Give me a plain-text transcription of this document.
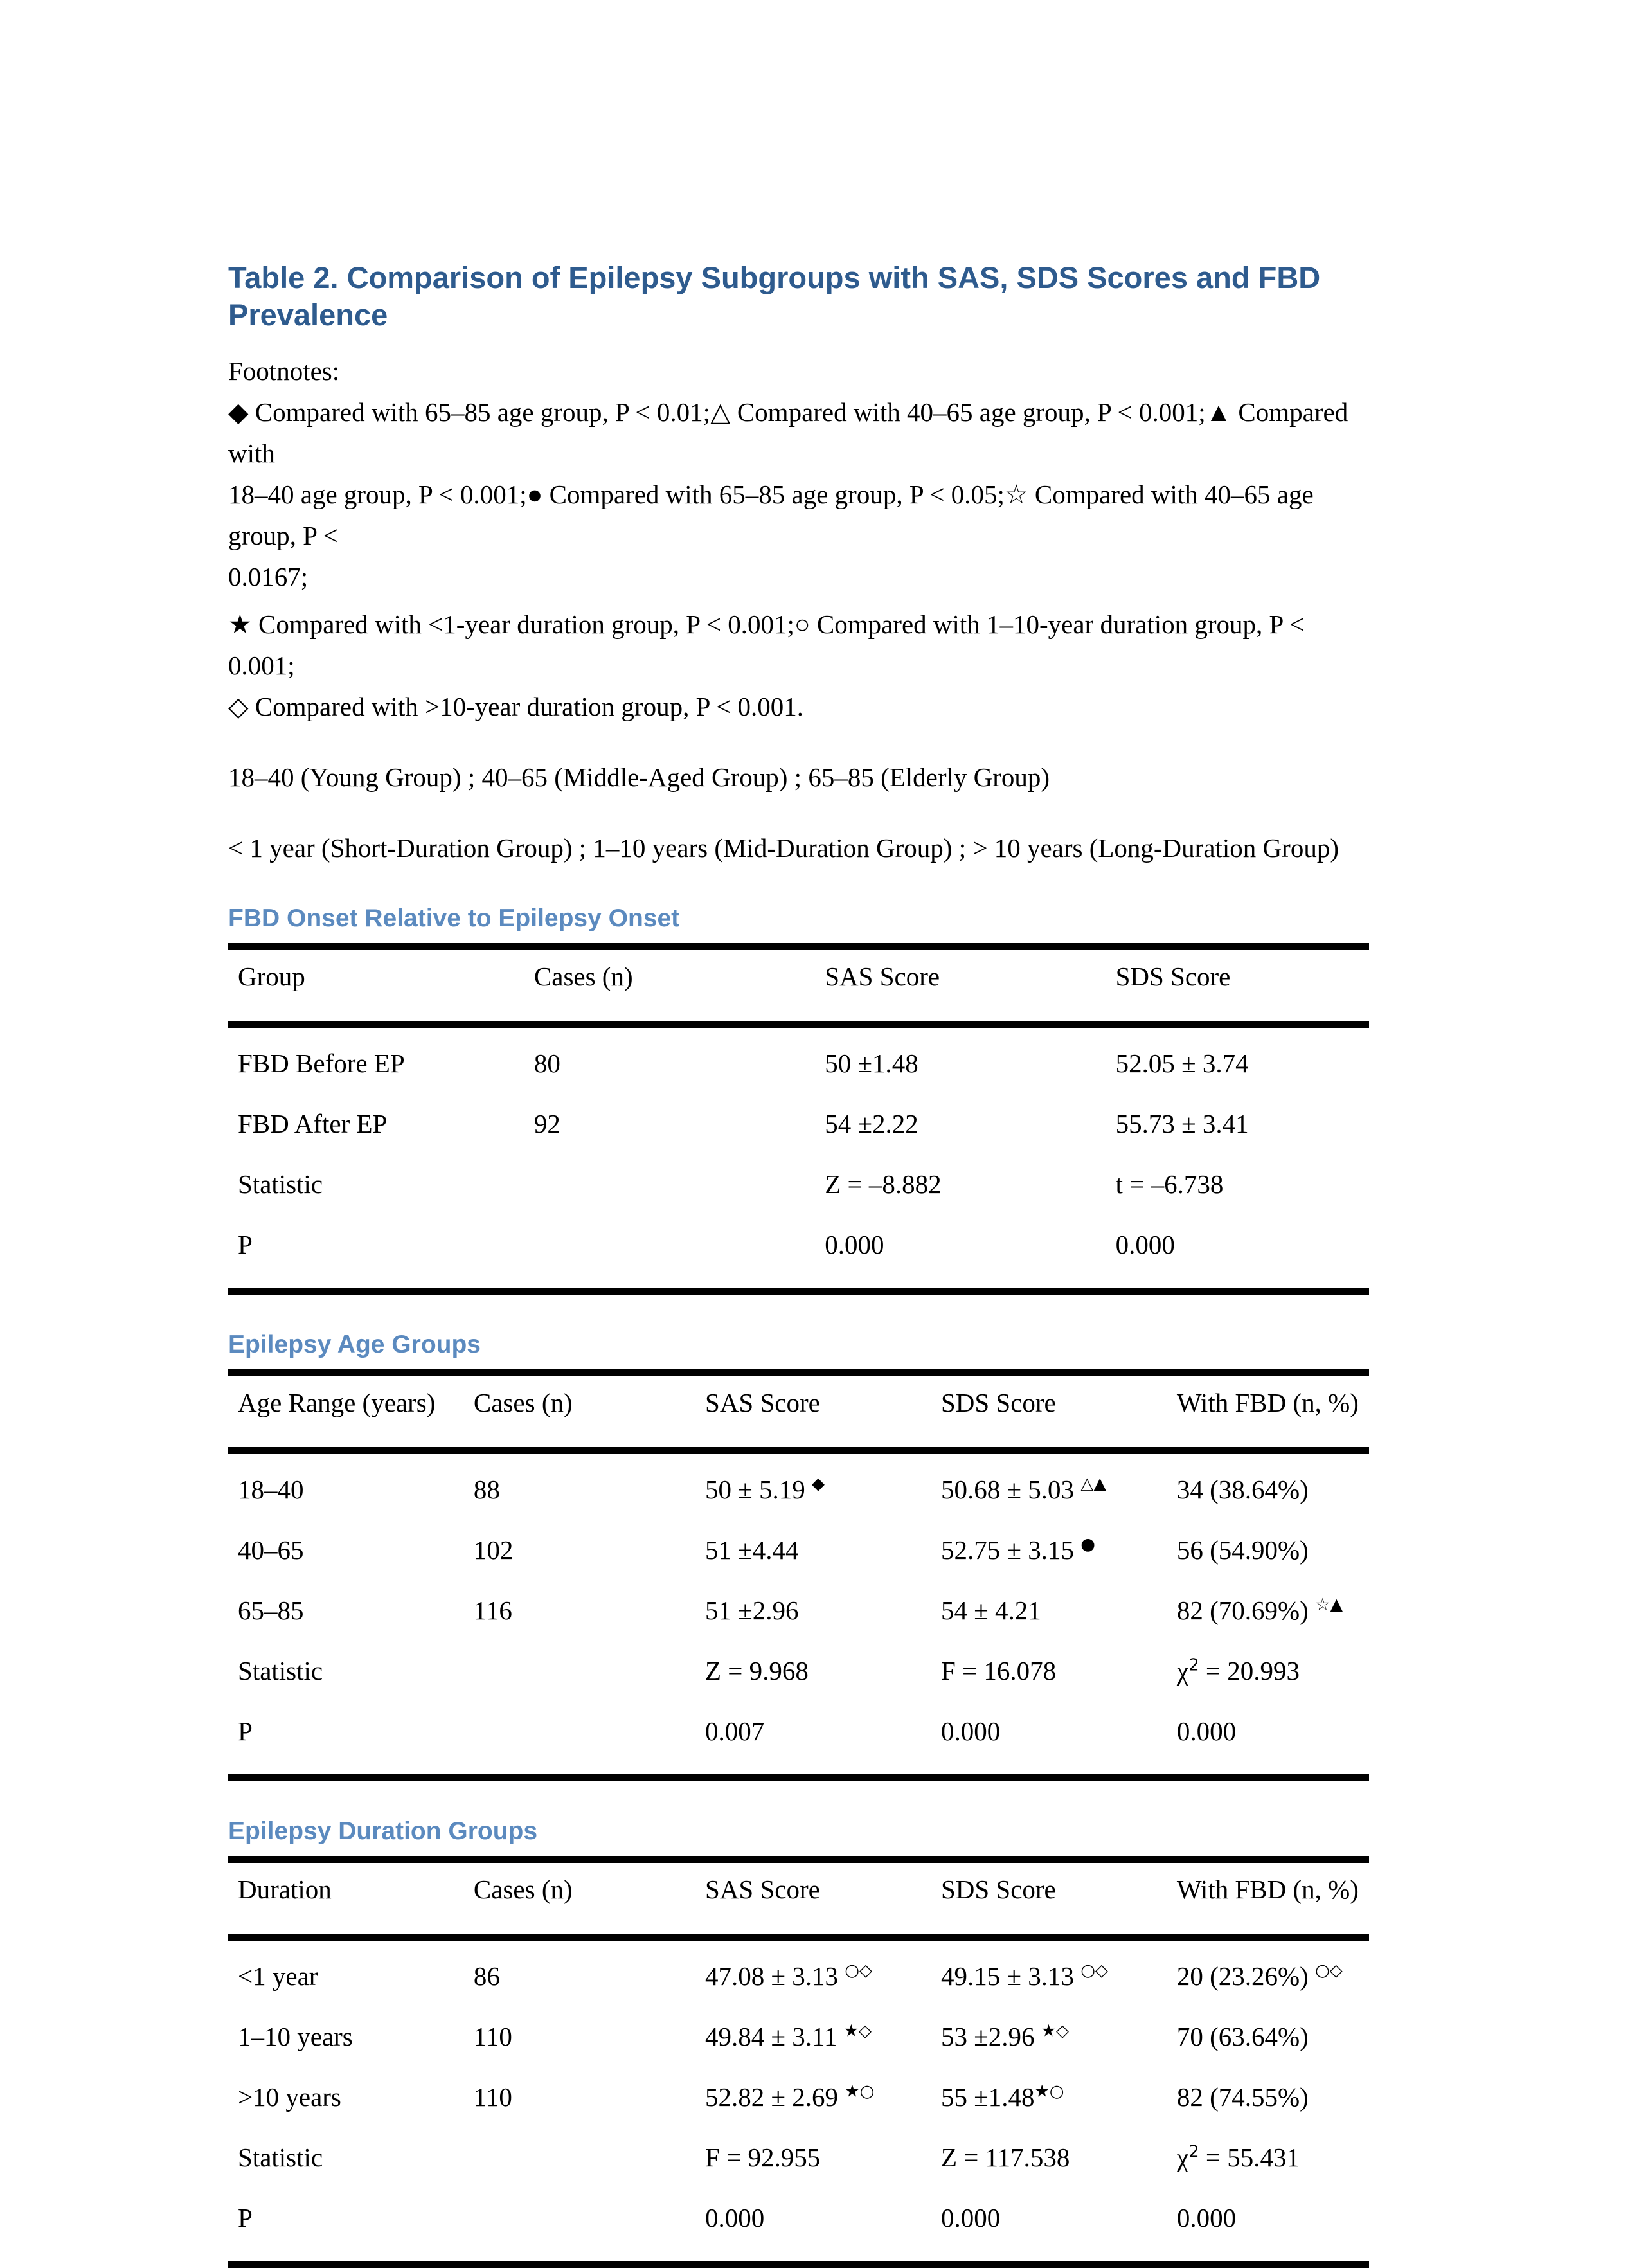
Table 2. Comparison of Epilepsy Subgroups with SAS, SDS Scores and FBD Prevalence
Footnotes:
◆ Compared with 65–85 age group, P < 0.01;△ Compared with 40–65 age group, P < 0.001;▲ Compared with
18–40 age group, P < 0.001;● Compared with 65–85 age group, P < 0.05;☆ Compared with 40–65 age group, P <
0.0167;
★ Compared with <1-year duration group, P < 0.001;○ Compared with 1–10-year duration group, P < 0.001;
◇ Compared with >10-year duration group, P < 0.001.
18–40 (Young Group) ; 40–65 (Middle-Aged Group) ; 65–85 (Elderly Group)
< 1 year (Short-Duration Group) ; 1–10 years (Mid-Duration Group) ; > 10 years (Long-Duration Group)
FBD Onset Relative to Epilepsy Onset
Group	Cases (n)	SAS Score	SDS Score
FBD Before EP	80	50 ±1.48	52.05 ± 3.74
FBD After EP	92	54 ±2.22	55.73 ± 3.41
Statistic		Z = –8.882	t = –6.738
P		0.000	0.000
Epilepsy Age Groups
Age Range (years)	Cases (n)	SAS Score	SDS Score	With FBD (n, %)
18–40	88	50 ± 5.19 ◆	50.68 ± 5.03 △▲	34 (38.64%)
40–65	102	51 ±4.44	52.75 ± 3.15 ●	56 (54.90%)
65–85	116	51 ±2.96	54 ± 4.21	82 (70.69%) ☆▲
Statistic		Z = 9.968	F = 16.078	$\chi^2 = 20.993$
P		0.007	0.000	0.000
Epilepsy Duration Groups
Duration	Cases (n)	SAS Score	SDS Score	With FBD (n, %)
<1 year	86	47.08 ± 3.13 ○◇	49.15 ± 3.13 ○◇	20 (23.26%) ○◇
1–10 years	110	49.84 ± 3.11 ★◇	53 ±2.96 ★◇	70 (63.64%)
>10 years	110	52.82 ± 2.69 ★○	55 ±1.48★○	82 (74.55%)
Statistic		F = 92.955	Z = 117.538	$\chi^2 = 55.431$
P		0.000	0.000	0.000
